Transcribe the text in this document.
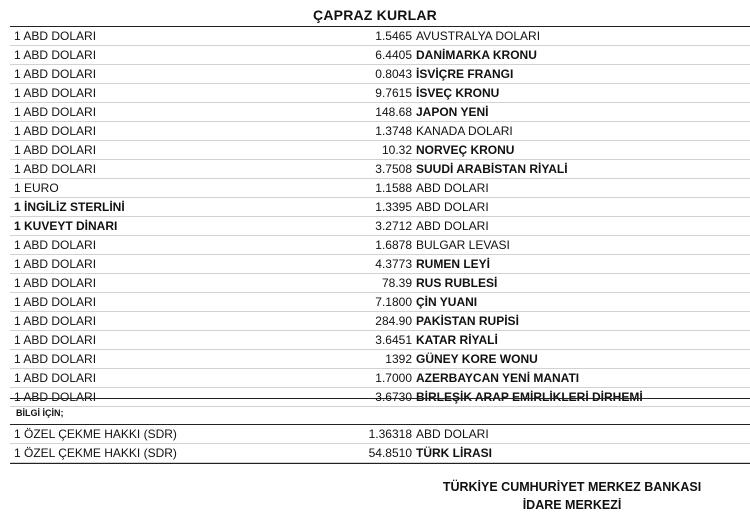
ÇAPRAZ KURLAR
1 ABD DOLARI	1.5465 AVUSTRALYA DOLARI
1 ABD DOLARI	6.4405 DANİMARKA KRONU
1 ABD DOLARI	0.8043 İSVİÇRE FRANGI
1 ABD DOLARI	9.7615 İSVEÇ KRONU
1 ABD DOLARI	148.68 JAPON YENİ
1 ABD DOLARI	1.3748 KANADA DOLARI
1 ABD DOLARI	10.32 NORVEÇ KRONU
1 ABD DOLARI	3.7508 SUUDİ ARABİSTAN RİYALİ
1 EURO	1.1588 ABD DOLARI
1 İNGİLİZ STERLİNİ	1.3395 ABD DOLARI
1 KUVEYT DİNARI	3.2712 ABD DOLARI
1 ABD DOLARI	1.6878 BULGAR LEVASI
1 ABD DOLARI	4.3773 RUMEN LEYİ
1 ABD DOLARI	78.39 RUS RUBLESİ
1 ABD DOLARI	7.1800 ÇİN YUANI
1 ABD DOLARI	284.90 PAKİSTAN RUPİSİ
1 ABD DOLARI	3.6451 KATAR RİYALİ
1 ABD DOLARI	1392 GÜNEY KORE WONU
1 ABD DOLARI	1.7000 AZERBAYCAN YENİ MANATI
1 ABD DOLARI	3.6730 BİRLEŞİK ARAP EMİRLİKLERİ DİRHEMİ
BİLGİ İÇİN;
1 ÖZEL ÇEKME HAKKI (SDR)	1.36318 ABD DOLARI
1 ÖZEL ÇEKME HAKKI (SDR)	54.8510 TÜRK LİRASI
TÜRKİYE CUMHURİYET MERKEZ BANKASI
İDARE MERKEZİ
